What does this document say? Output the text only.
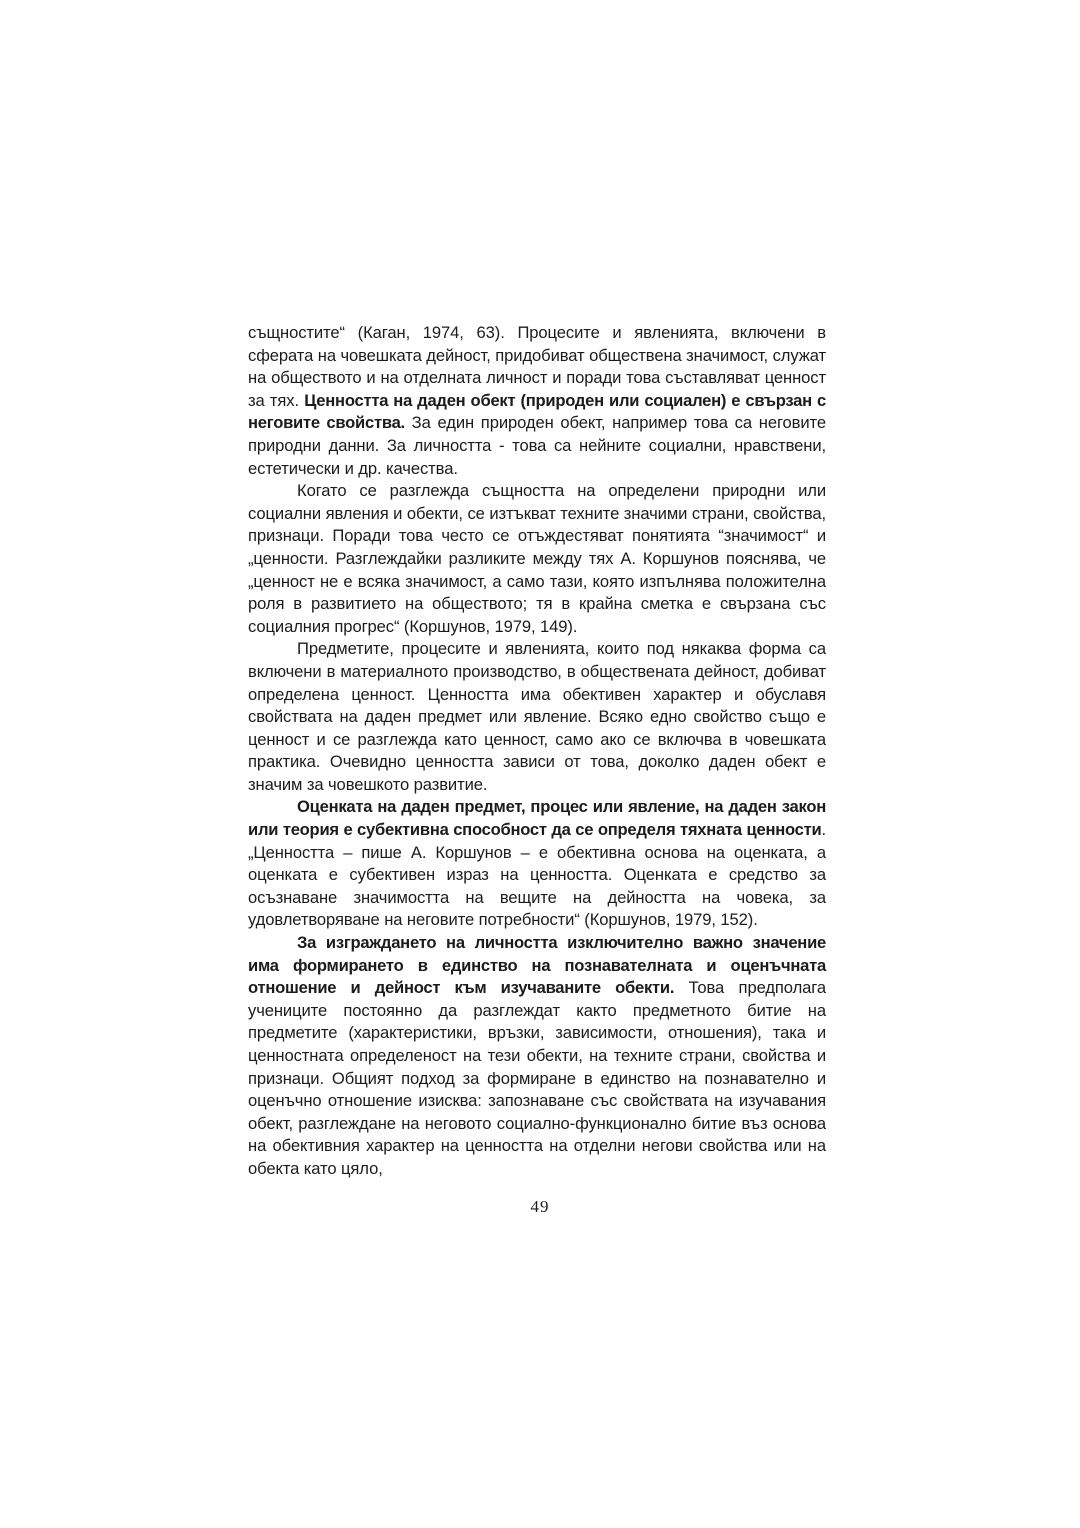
същностите“ (Каган, 1974, 63). Процесите и явленията, включени в сферата на човешката дейност, придобиват обществена значимост, служат на обществото и на отделната личност и поради това съставляват ценност за тях. Ценността на даден обект (природен или социален) е свързан с неговите свойства. За един природен обект, например това са неговите природни данни. За личността - това са нейните социални, нравствени, естетически и др. качества.

Когато се разглежда същността на определени природни или социални явления и обекти, се изтъкват техните значими страни, свойства, признаци. Поради това често се отъждестяват понятията “значимост“ и „ценности. Разглеждайки разликите между тях А. Коршунов пояснява, че „ценност не е всяка значимост, а само тази, която изпълнява положителна роля в развитието на обществото; тя в крайна сметка е свързана със социалния прогрес“ (Коршунов, 1979, 149).

Предметите, процесите и явленията, които под някаква форма са включени в материалното производство, в обществената дейност, добиват определена ценност. Ценността има обективен характер и обуславя свойствата на даден предмет или явление. Всяко едно свойство също е ценност и се разглежда като ценност, само ако се включва в човешката практика. Очевидно ценността зависи от това, доколко даден обект е значим за човешкото развитие.

Оценката на даден предмет, процес или явление, на даден закон или теория е субективна способност да се определя тяхната ценности. „Ценността – пише А. Коршунов – е обективна основа на оценката, а оценката е субективен израз на ценността. Оценката е средство за осъзнаване значимостта на вещите на дейността на човека, за удовлетворяване на неговите потребности“ (Коршунов, 1979, 152).

За изграждането на личността изключително важно значение има формирането в единство на познавателната и оценъчната отношение и дейност към изучаваните обекти. Това предполага учениците постоянно да разглеждат както предметното битие на предметите (характеристики, връзки, зависимости, отношения), така и ценностната определеност на тези обекти, на техните страни, свойства и признаци. Общият подход за формиране в единство на познавателно и оценъчно отношение изисква: запознаване със свойствата на изучавания обект, разглеждане на неговото социално-функционално битие въз основа на обективния характер на ценността на отделни негови свойства или на обекта като цяло,

49
